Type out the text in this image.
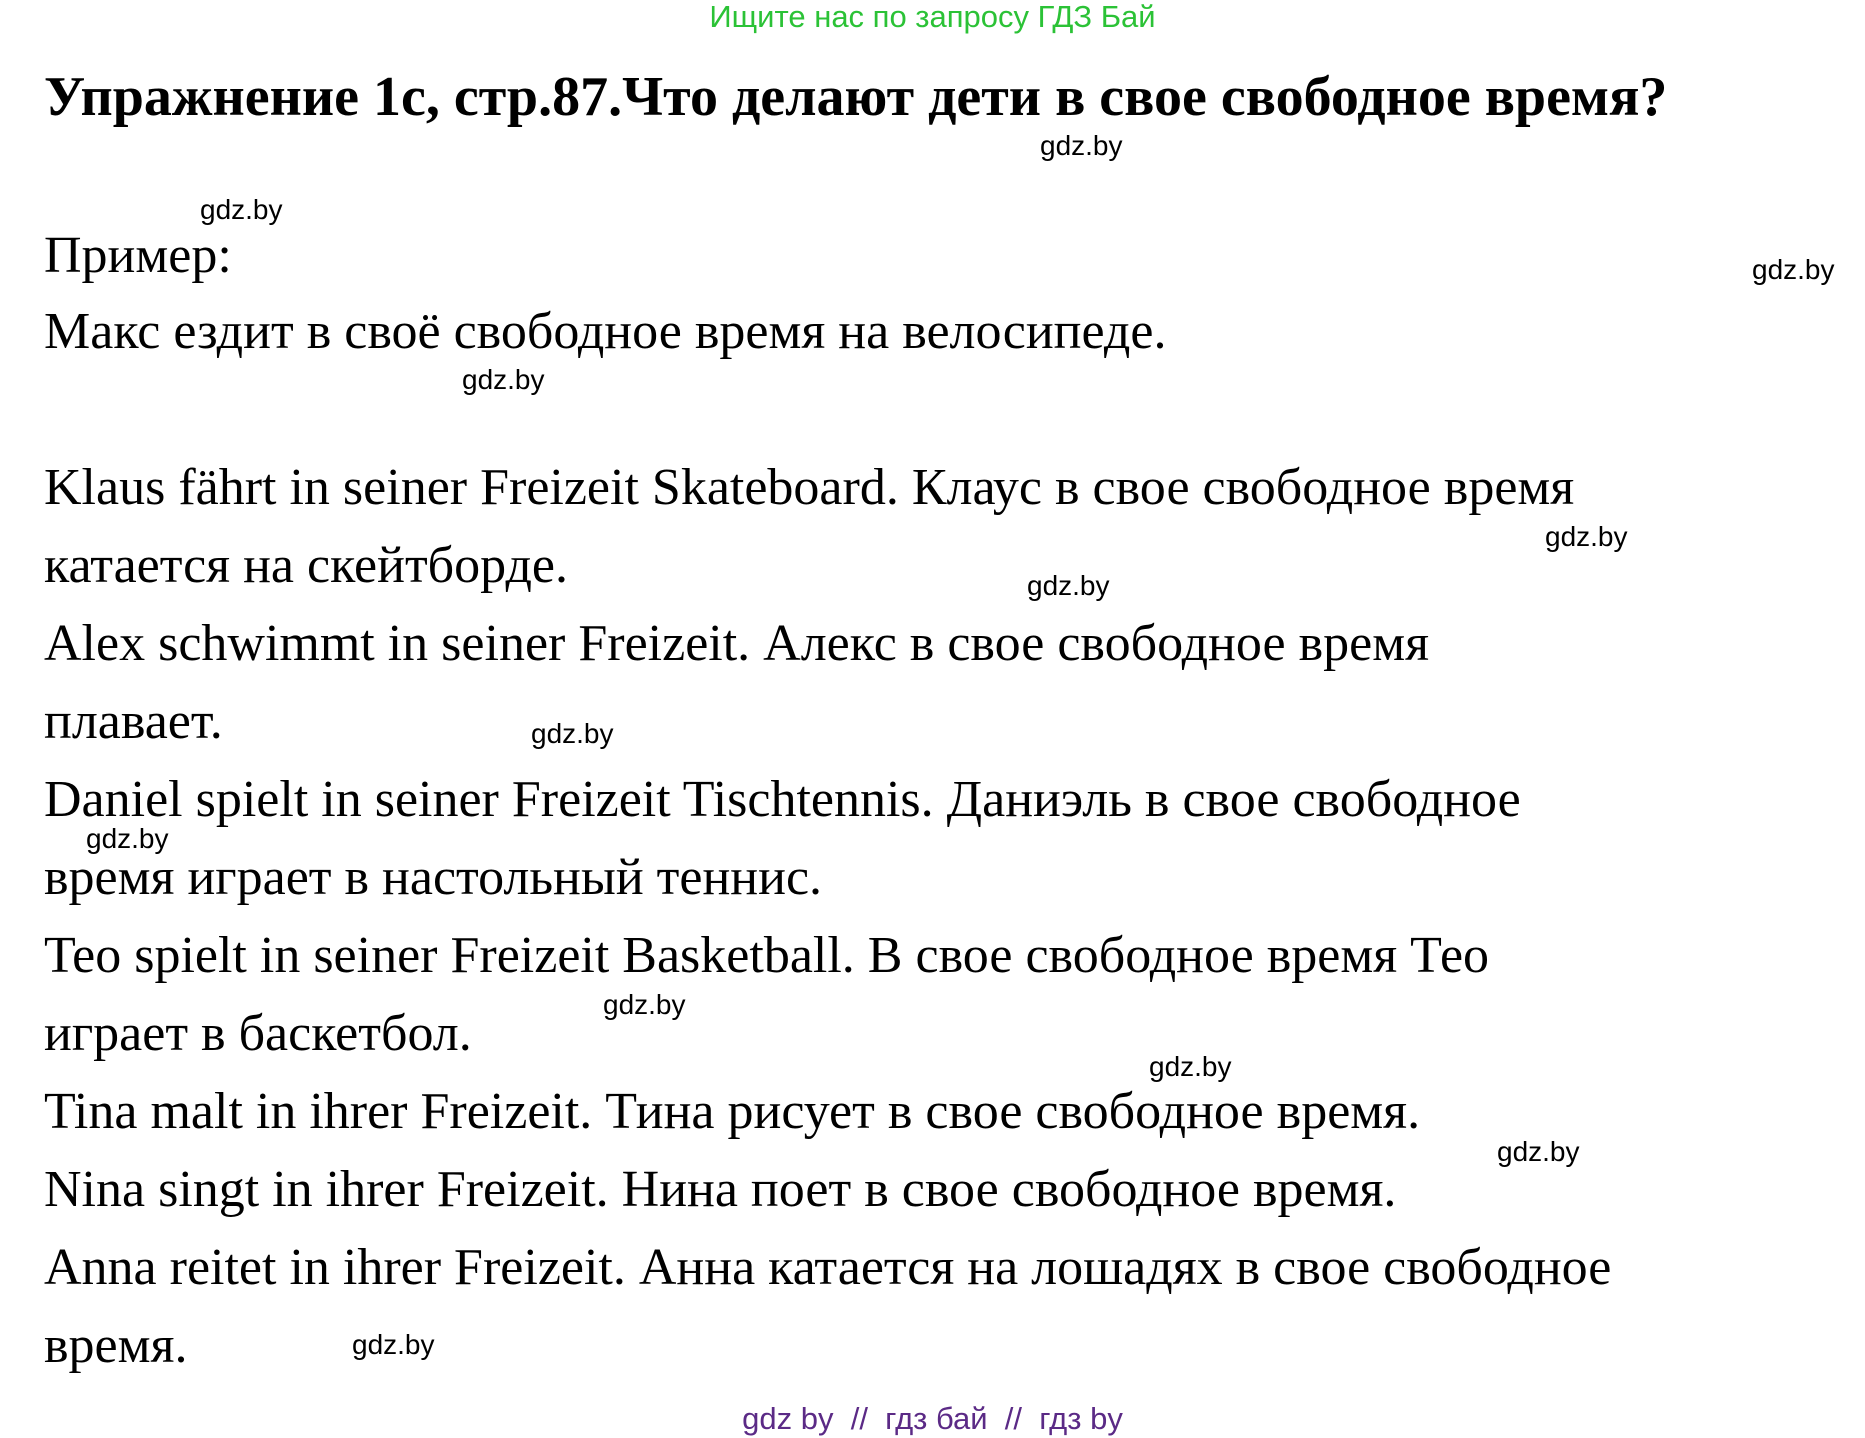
Ищите нас по запросу ГДЗ Бай
Упражнение 1с, стр.87.Что делают дети в свое свободное время?
Пример:
Макс ездит в своё свободное время на велосипеде.
Klaus fährt in seiner Freizeit Skateboard. Клаус в свое свободное время
катается на скейтборде.
Alex schwimmt in seiner Freizeit. Алекс в свое свободное время
плавает.
Daniel spielt in seiner Freizeit Tischtennis. Даниэль в свое свободное
время играет в настольный теннис.
Teo spielt in seiner Freizeit Basketball. В свое свободное время Тео
играет в баскетбол.
Tina malt in ihrer Freizeit. Тина рисует в свое свободное время.
Nina singt in ihrer Freizeit. Нина поет в свое свободное время.
Anna reitet in ihrer Freizeit. Анна катается на лошадях в свое свободное
время.
gdz.by
gdz.by
gdz.by
gdz.by
gdz.by
gdz.by
gdz.by
gdz.by
gdz.by
gdz.by
gdz.by
gdz.by
gdz by  //  гдз бай  //  гдз by
